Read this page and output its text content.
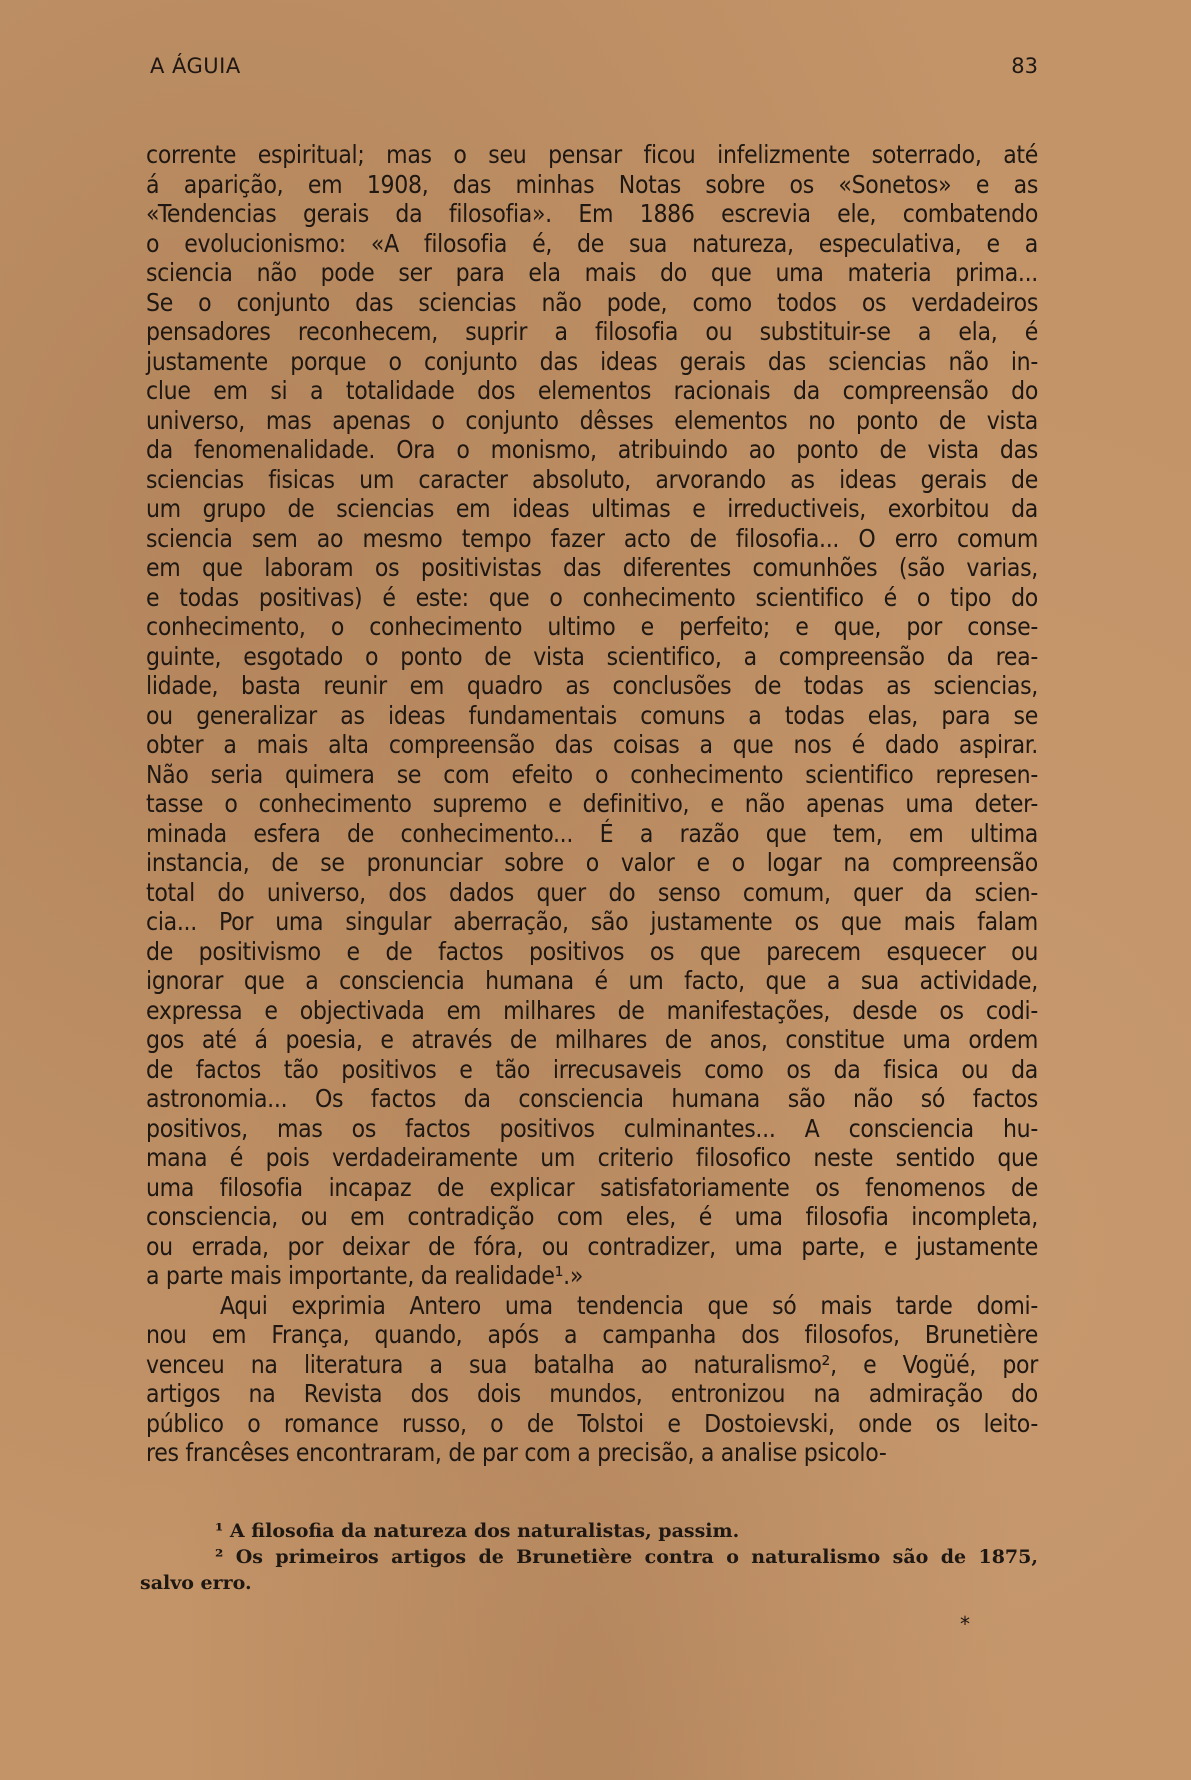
A ÁGUIA	83
corrente espiritual; mas o seu pensar ficou infelizmente soterrado, até
á aparição, em 1908, das minhas Notas sobre os «Sonetos» e as
«Tendencias gerais da filosofia». Em 1886 escrevia ele, combatendo
o evolucionismo: «A filosofia é, de sua natureza, especulativa, e a
sciencia não pode ser para ela mais do que uma materia prima...
Se o conjunto das sciencias não pode, como todos os verdadeiros
pensadores reconhecem, suprir a filosofia ou substituir-se a ela, é
justamente porque o conjunto das ideas gerais das sciencias não in-
clue em si a totalidade dos elementos racionais da compreensão do
universo, mas apenas o conjunto dêsses elementos no ponto de vista
da fenomenalidade. Ora o monismo, atribuindo ao ponto de vista das
sciencias fisicas um caracter absoluto, arvorando as ideas gerais de
um grupo de sciencias em ideas ultimas e irreductiveis, exorbitou da
sciencia sem ao mesmo tempo fazer acto de filosofia... O erro comum
em que laboram os positivistas das diferentes comunhões (são varias,
e todas positivas) é este: que o conhecimento scientifico é o tipo do
conhecimento, o conhecimento ultimo e perfeito; e que, por conse-
guinte, esgotado o ponto de vista scientifico, a compreensão da rea-
lidade, basta reunir em quadro as conclusões de todas as sciencias,
ou generalizar as ideas fundamentais comuns a todas elas, para se
obter a mais alta compreensão das coisas a que nos é dado aspirar.
Não seria quimera se com efeito o conhecimento scientifico represen-
tasse o conhecimento supremo e definitivo, e não apenas uma deter-
minada esfera de conhecimento... É a razão que tem, em ultima
instancia, de se pronunciar sobre o valor e o logar na compreensão
total do universo, dos dados quer do senso comum, quer da scien-
cia... Por uma singular aberração, são justamente os que mais falam
de positivismo e de factos positivos os que parecem esquecer ou
ignorar que a consciencia humana é um facto, que a sua actividade,
expressa e objectivada em milhares de manifestações, desde os codi-
gos até á poesia, e através de milhares de anos, constitue uma ordem
de factos tão positivos e tão irrecusaveis como os da fisica ou da
astronomia... Os factos da consciencia humana são não só factos
positivos, mas os factos positivos culminantes... A consciencia hu-
mana é pois verdadeiramente um criterio filosofico neste sentido que
uma filosofia incapaz de explicar satisfatoriamente os fenomenos de
consciencia, ou em contradição com eles, é uma filosofia incompleta,
ou errada, por deixar de fóra, ou contradizer, uma parte, e justamente
a parte mais importante, da realidade¹.»
Aqui exprimia Antero uma tendencia que só mais tarde domi-
nou em França, quando, após a campanha dos filosofos, Brunetière
venceu na literatura a sua batalha ao naturalismo², e Vogüé, por
artigos na Revista dos dois mundos, entronizou na admiração do
público o romance russo, o de Tolstoi e Dostoievski, onde os leito-
res francêses encontraram, de par com a precisão, a analise psicolo-
¹ A filosofia da natureza dos naturalistas, passim.
² Os primeiros artigos de Brunetière contra o naturalismo são de 1875,
salvo erro.
*
